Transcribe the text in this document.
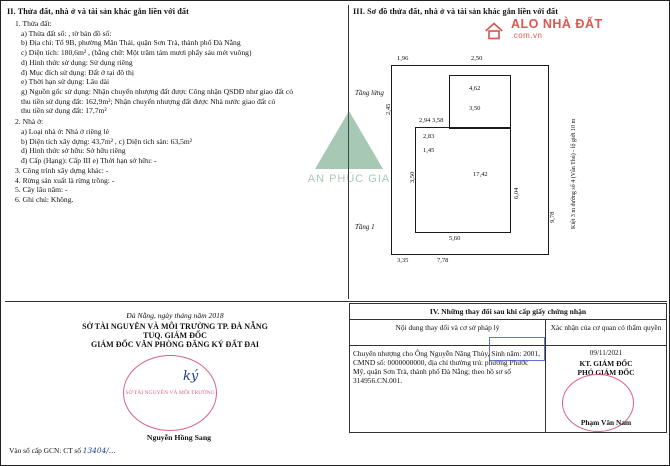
II. Thửa đất, nhà ở và tài sản khác gắn liền với đất
1. Thửa đất:
a) Thửa đất số: , tờ bản đồ số:
b) Địa chỉ: Tổ 9B, phường Mân Thái, quận Sơn Trà, thành phố Đà Nẵng
c) Diện tích: 180,6m² , (bằng chữ: Một trăm tám mươi phẩy sáu mét vuông)
d) Hình thức sử dụng: Sử dụng riêng
đ) Mục đích sử dụng: Đất ở tại đô thị
e) Thời hạn sử dụng: Lâu dài
g) Nguồn gốc sử dụng: Nhận chuyển nhượng đất được Công nhận QSDĐ như giao đất có
thu tiền sử dụng đất: 162,9m²; Nhận chuyển nhượng đất được Nhà nước giao đất có
thu tiền sử dụng đất: 17,7m²
2. Nhà ở:
a) Loại nhà ở: Nhà ở riêng lẻ
b) Diện tích xây dựng: 43,7m² , c) Diện tích sàn: 63,5m²
d) Hình thức sở hữu: Sở hữu riêng
đ) Cấp (Hạng): Cấp III e) Thời hạn sở hữu: -
3. Công trình xây dựng khác: -
4. Rừng sản xuất là rừng trồng: -
5. Cây lâu năm: -
6. Ghi chú: Không.
III. Sơ đồ thửa đất, nhà ở và tài sản khác gắn liền với đất
Tầng lửng
Tầng 1
1,96	2,50
2,45
2,94 3,58
3,50
6,04
5,60
17,42
9,78
7,78
3,35
4,62
3,50
2,83
1,45	Kiệt 3 m đường số 4 (Vân Thủ) - lộ giới 10 m
ALO NHÀ ĐẤT
.com.vn
AN PHÚC GIA
Đà Nẵng, ngày tháng năm 2018
SỞ TÀI NGUYÊN VÀ MÔI TRƯỜNG TP. ĐÀ NẴNG
TUQ. GIÁM ĐỐC
GIÁM ĐỐC VĂN PHÒNG ĐĂNG KÝ ĐẤT ĐAI
SỞ TÀI NGUYÊN VÀ MÔI TRƯỜNG
ký
Nguyễn Hồng Sang
IV. Những thay đổi sau khi cấp giấy chứng nhận
Nội dung thay đổi và cơ sở pháp lý	Xác nhận của cơ quan có thẩm quyền
Chuyển nhượng cho Ông Nguyễn Năng Thủy, Sinh năm: 2001, CMND số: 0000000000, địa chỉ thường trú: phường Phước Mỹ, quận Sơn Trà, thành phố Đà Nẵng; theo hồ sơ số 314956.CN.001.
09/11/2021
KT. GIÁM ĐỐC
PHÓ GIÁM ĐỐC
Phạm Văn Nam
Vào sổ cấp GCN: CT số 13404/...
